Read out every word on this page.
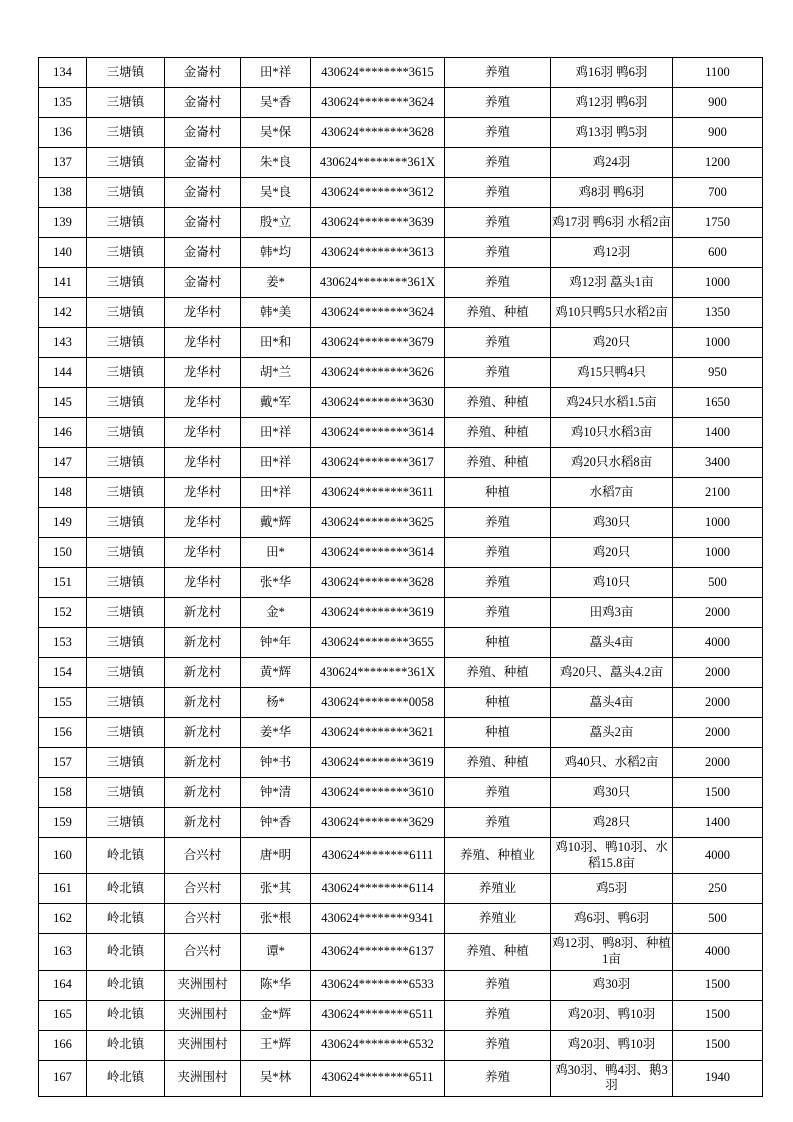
134	三塘镇	金崙村	田*祥	430624********3615	养殖	鸡16羽 鸭6羽	1100
135	三塘镇	金崙村	吴*香	430624********3624	养殖	鸡12羽 鸭6羽	900
136	三塘镇	金崙村	吴*保	430624********3628	养殖	鸡13羽 鸭5羽	900
137	三塘镇	金崙村	朱*良	430624********361X	养殖	鸡24羽	1200
138	三塘镇	金崙村	吴*良	430624********3612	养殖	鸡8羽 鸭6羽	700
139	三塘镇	金崙村	殷*立	430624********3639	养殖	鸡17羽 鸭6羽 水稻2亩	1750
140	三塘镇	金崙村	韩*均	430624********3613	养殖	鸡12羽	600
141	三塘镇	金崙村	姜*	430624********361X	养殖	鸡12羽 藠头1亩	1000
142	三塘镇	龙华村	韩*美	430624********3624	养殖、种植	鸡10只鸭5只水稻2亩	1350
143	三塘镇	龙华村	田*和	430624********3679	养殖	鸡20只	1000
144	三塘镇	龙华村	胡*兰	430624********3626	养殖	鸡15只鸭4只	950
145	三塘镇	龙华村	戴*军	430624********3630	养殖、种植	鸡24只水稻1.5亩	1650
146	三塘镇	龙华村	田*祥	430624********3614	养殖、种植	鸡10只水稻3亩	1400
147	三塘镇	龙华村	田*祥	430624********3617	养殖、种植	鸡20只水稻8亩	3400
148	三塘镇	龙华村	田*祥	430624********3611	种植	水稻7亩	2100
149	三塘镇	龙华村	戴*辉	430624********3625	养殖	鸡30只	1000
150	三塘镇	龙华村	田*	430624********3614	养殖	鸡20只	1000
151	三塘镇	龙华村	张*华	430624********3628	养殖	鸡10只	500
152	三塘镇	新龙村	金*	430624********3619	养殖	田鸡3亩	2000
153	三塘镇	新龙村	钟*年	430624********3655	种植	藠头4亩	4000
154	三塘镇	新龙村	黄*辉	430624********361X	养殖、种植	鸡20只、藠头4.2亩	2000
155	三塘镇	新龙村	杨*	430624********0058	种植	藠头4亩	2000
156	三塘镇	新龙村	姜*华	430624********3621	种植	藠头2亩	2000
157	三塘镇	新龙村	钟*书	430624********3619	养殖、种植	鸡40只、水稻2亩	2000
158	三塘镇	新龙村	钟*清	430624********3610	养殖	鸡30只	1500
159	三塘镇	新龙村	钟*香	430624********3629	养殖	鸡28只	1400
160	岭北镇	合兴村	唐*明	430624********6111	养殖、种植业	鸡10羽、鸭10羽、水稻15.8亩	4000
161	岭北镇	合兴村	张*其	430624********6114	养殖业	鸡5羽	250
162	岭北镇	合兴村	张*根	430624********9341	养殖业	鸡6羽、鸭6羽	500
163	岭北镇	合兴村	谭*	430624********6137	养殖、种植	鸡12羽、鸭8羽、种植1亩	4000
164	岭北镇	夹洲围村	陈*华	430624********6533	养殖	鸡30羽	1500
165	岭北镇	夹洲围村	金*辉	430624********6511	养殖	鸡20羽、鸭10羽	1500
166	岭北镇	夹洲围村	王*辉	430624********6532	养殖	鸡20羽、鸭10羽	1500
167	岭北镇	夹洲围村	吴*林	430624********6511	养殖	鸡30羽、鸭4羽、鹅3羽	1940
